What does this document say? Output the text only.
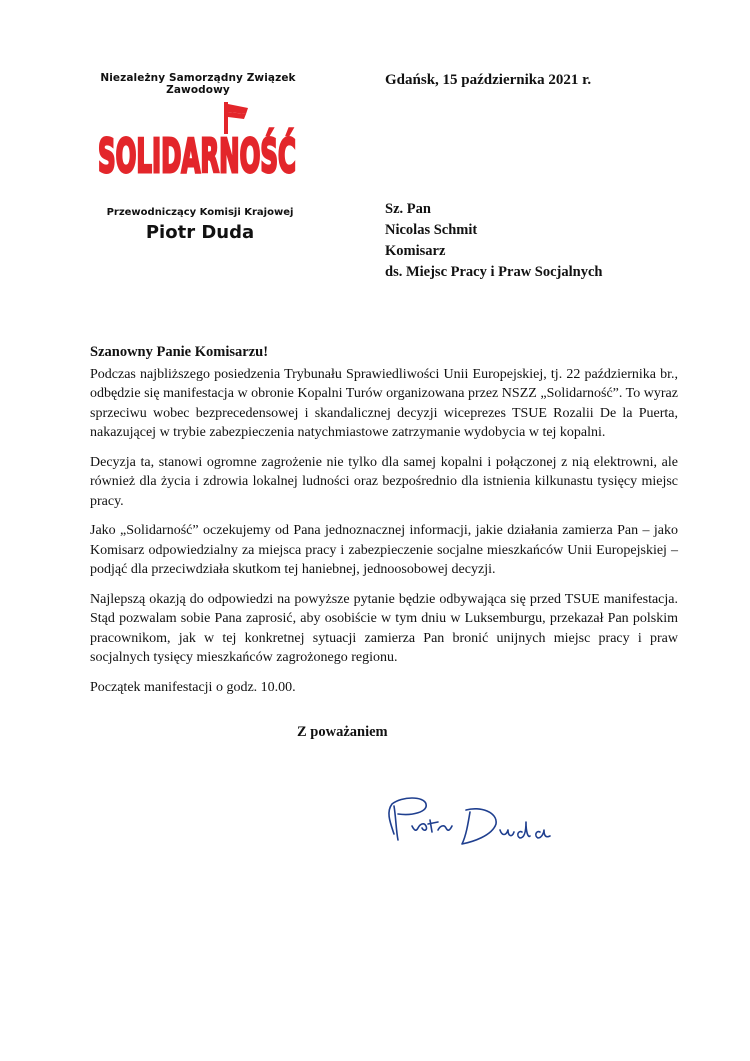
Niezależny Samorządny Związek Zawodowy
SOLIDARNOŚĆ
Przewodniczący Komisji Krajowej
Piotr Duda
Gdańsk, 15 października 2021 r.
Sz. Pan
Nicolas Schmit
Komisarz
ds. Miejsc Pracy i Praw Socjalnych
Szanowny Panie Komisarzu!

Podczas najbliższego posiedzenia Trybunału Sprawiedliwości Unii Europejskiej, tj. 22 października br., odbędzie się manifestacja w obronie Kopalni Turów organizowana przez NSZZ „Solidarność”. To wyraz sprzeciwu wobec bezprecedensowej i skandalicznej decyzji wiceprezes TSUE Rozalii De la Puerta, nakazującej w trybie zabezpieczenia natychmiastowe zatrzymanie wydobycia w tej kopalni.

Decyzja ta, stanowi ogromne zagrożenie nie tylko dla samej kopalni i połączonej z nią elektrowni, ale również dla życia i zdrowia lokalnej ludności oraz bezpośrednio dla istnienia kilkunastu tysięcy miejsc pracy.

Jako „Solidarność” oczekujemy od Pana jednoznacznej informacji, jakie działania zamierza Pan – jako Komisarz odpowiedzialny za miejsca pracy i zabezpieczenie socjalne mieszkańców Unii Europejskiej – podjąć dla przeciwdziała skutkom tej haniebnej, jednoosobowej decyzji.

Najlepszą okazją do odpowiedzi na powyższe pytanie będzie odbywająca się przed TSUE manifestacja. Stąd pozwalam sobie Pana zaprosić, aby osobiście w tym dniu w Luksemburgu, przekazał Pan polskim pracownikom, jak w tej konkretnej sytuacji zamierza Pan bronić unijnych miejsc pracy i praw socjalnych tysięcy mieszkańców zagrożonego regionu.

Początek manifestacji o godz. 10.00.

Z poważaniem
